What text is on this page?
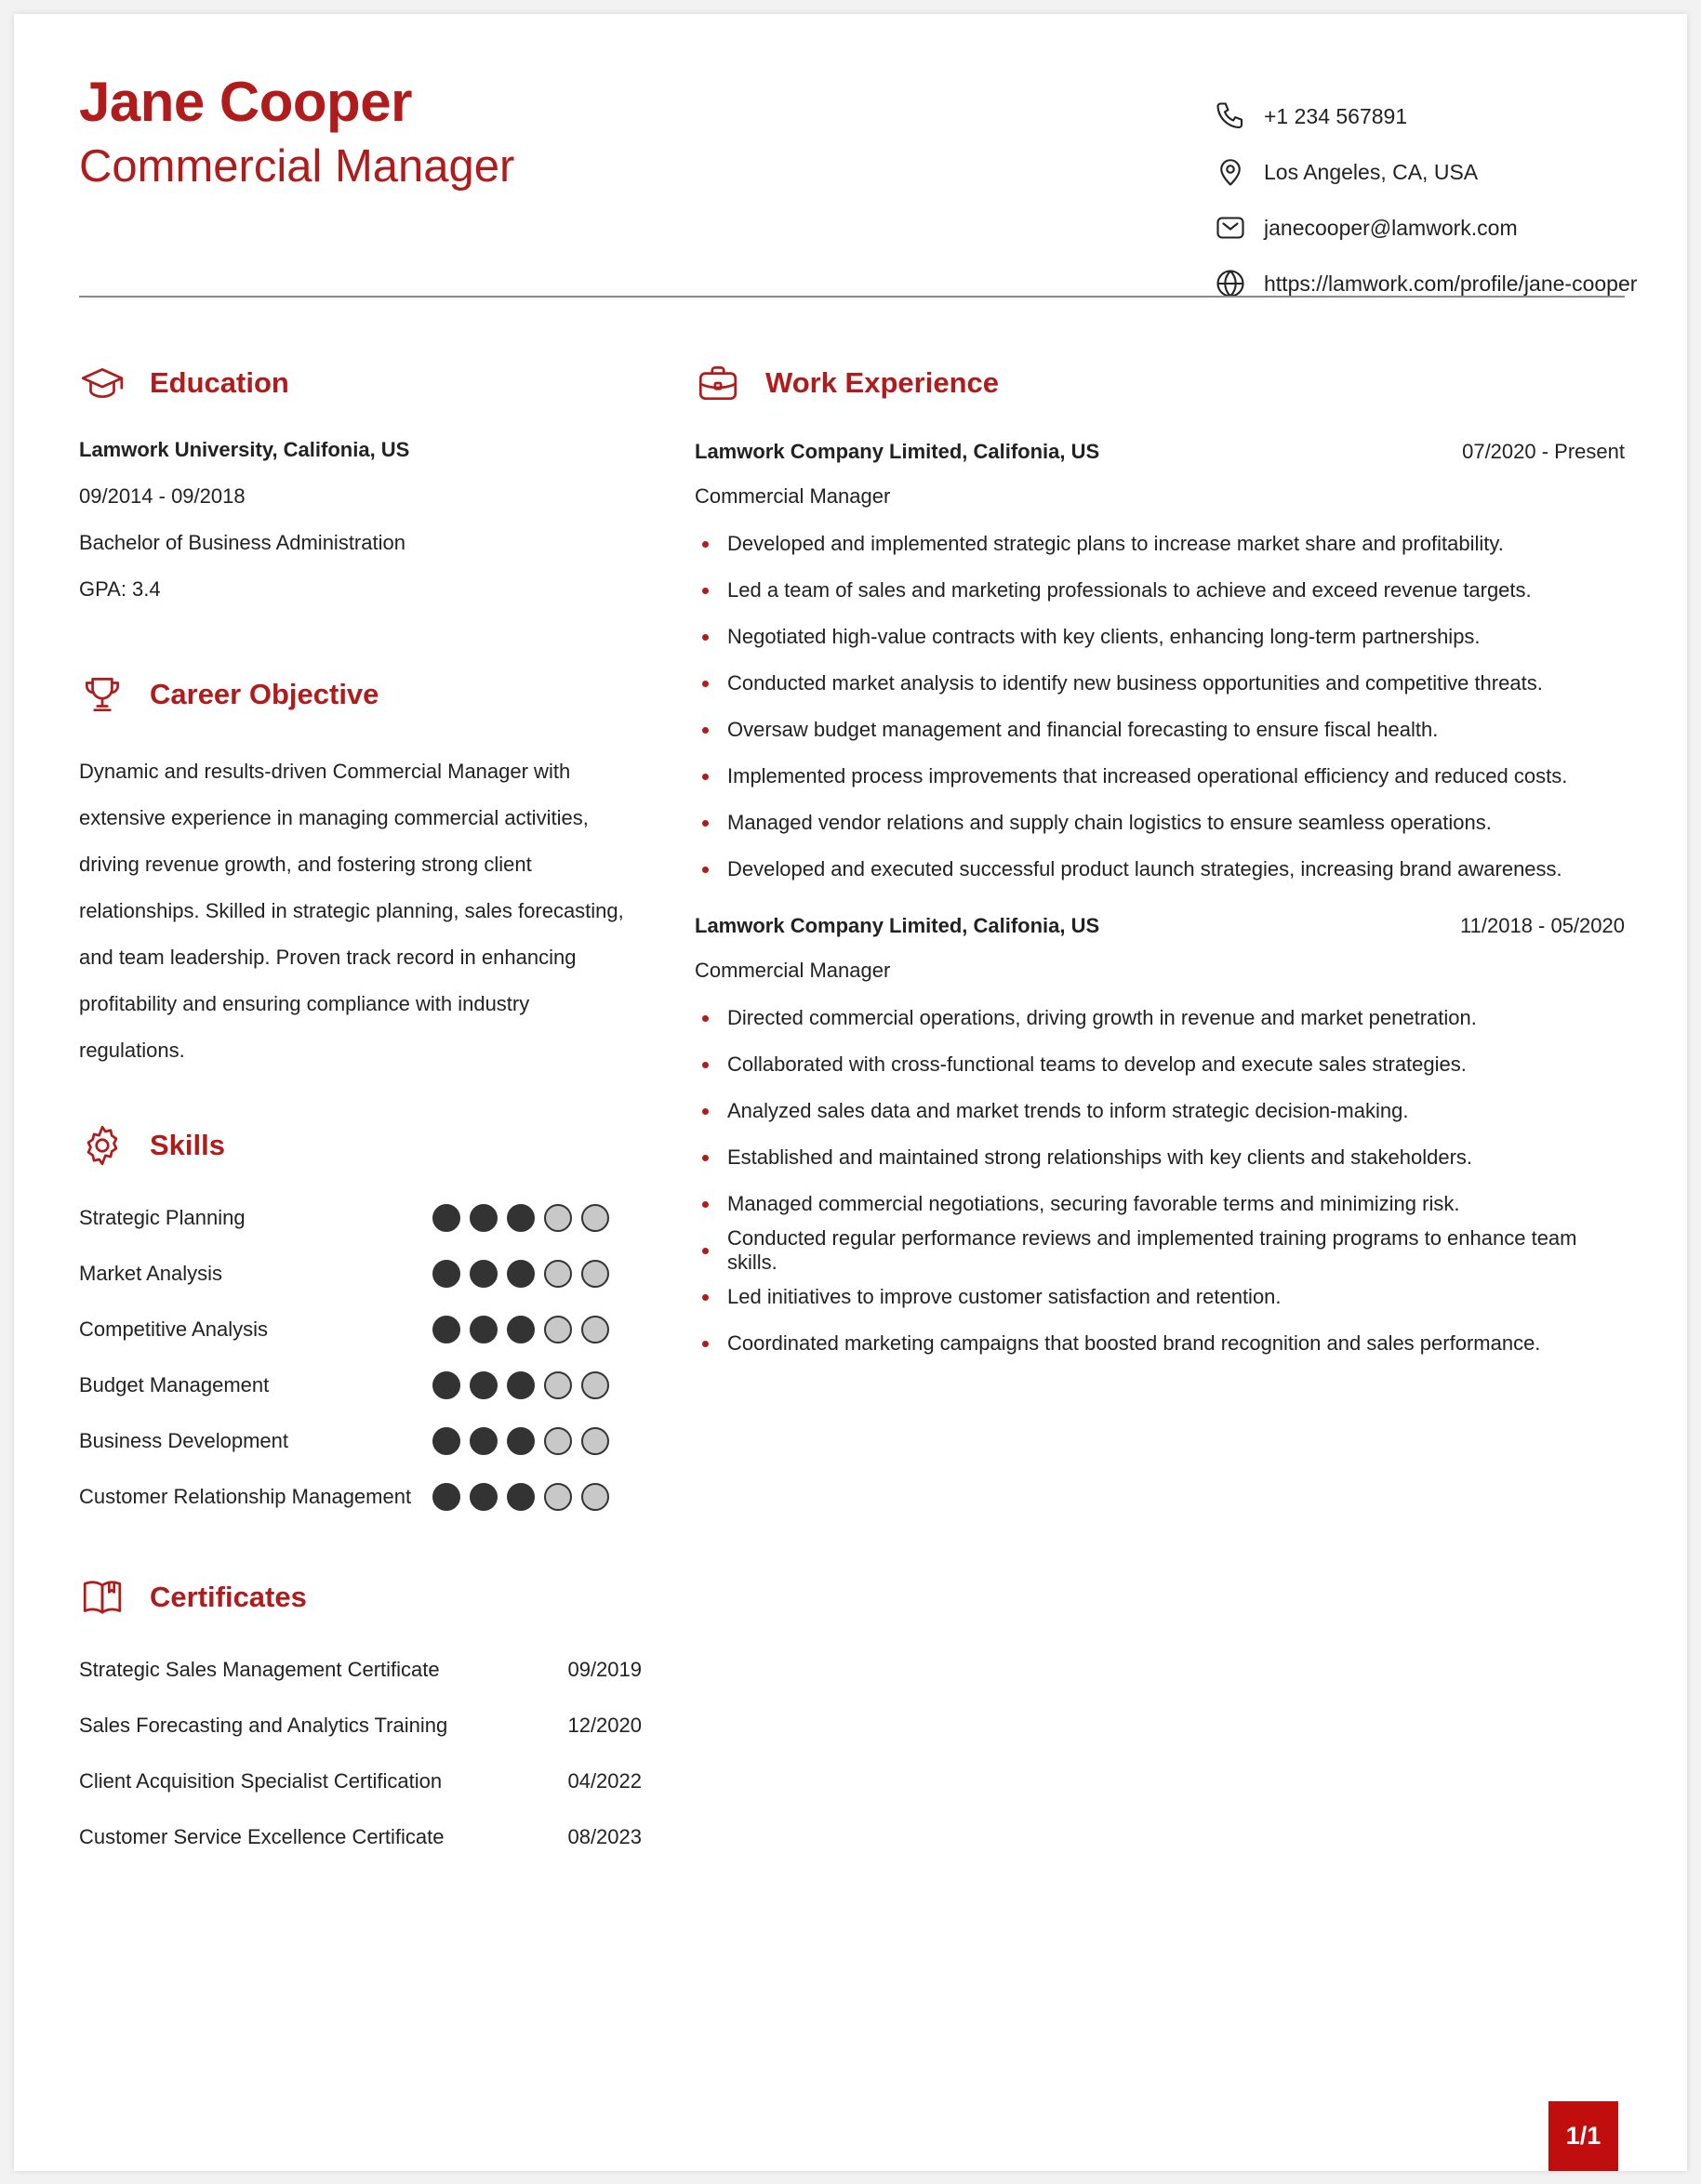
Jane Cooper
Commercial Manager
+1 234 567891
Los Angeles, CA, USA
janecooper@lamwork.com
https://lamwork.com/profile/jane-cooper
Education
Lamwork University, Califonia, US
09/2014 - 09/2018
Bachelor of Business Administration
GPA: 3.4
Career Objective
Dynamic and results-driven Commercial Manager with extensive experience in managing commercial activities, driving revenue growth, and fostering strong client relationships. Skilled in strategic planning, sales forecasting, and team leadership. Proven track record in enhancing profitability and ensuring compliance with industry regulations.
Skills
Strategic Planning
Market Analysis
Competitive Analysis
Budget Management
Business Development
Customer Relationship Management
Certificates
Strategic Sales Management Certificate	09/2019
Sales Forecasting and Analytics Training	12/2020
Client Acquisition Specialist Certification	04/2022
Customer Service Excellence Certificate	08/2023
Work Experience
Lamwork Company Limited, Califonia, US	07/2020 - Present
Commercial Manager
Developed and implemented strategic plans to increase market share and profitability.
Led a team of sales and marketing professionals to achieve and exceed revenue targets.
Negotiated high-value contracts with key clients, enhancing long-term partnerships.
Conducted market analysis to identify new business opportunities and competitive threats.
Oversaw budget management and financial forecasting to ensure fiscal health.
Implemented process improvements that increased operational efficiency and reduced costs.
Managed vendor relations and supply chain logistics to ensure seamless operations.
Developed and executed successful product launch strategies, increasing brand awareness.
Lamwork Company Limited, Califonia, US	11/2018 - 05/2020
Commercial Manager
Directed commercial operations, driving growth in revenue and market penetration.
Collaborated with cross-functional teams to develop and execute sales strategies.
Analyzed sales data and market trends to inform strategic decision-making.
Established and maintained strong relationships with key clients and stakeholders.
Managed commercial negotiations, securing favorable terms and minimizing risk.
Conducted regular performance reviews and implemented training programs to enhance team skills.
Led initiatives to improve customer satisfaction and retention.
Coordinated marketing campaigns that boosted brand recognition and sales performance.
1/1
